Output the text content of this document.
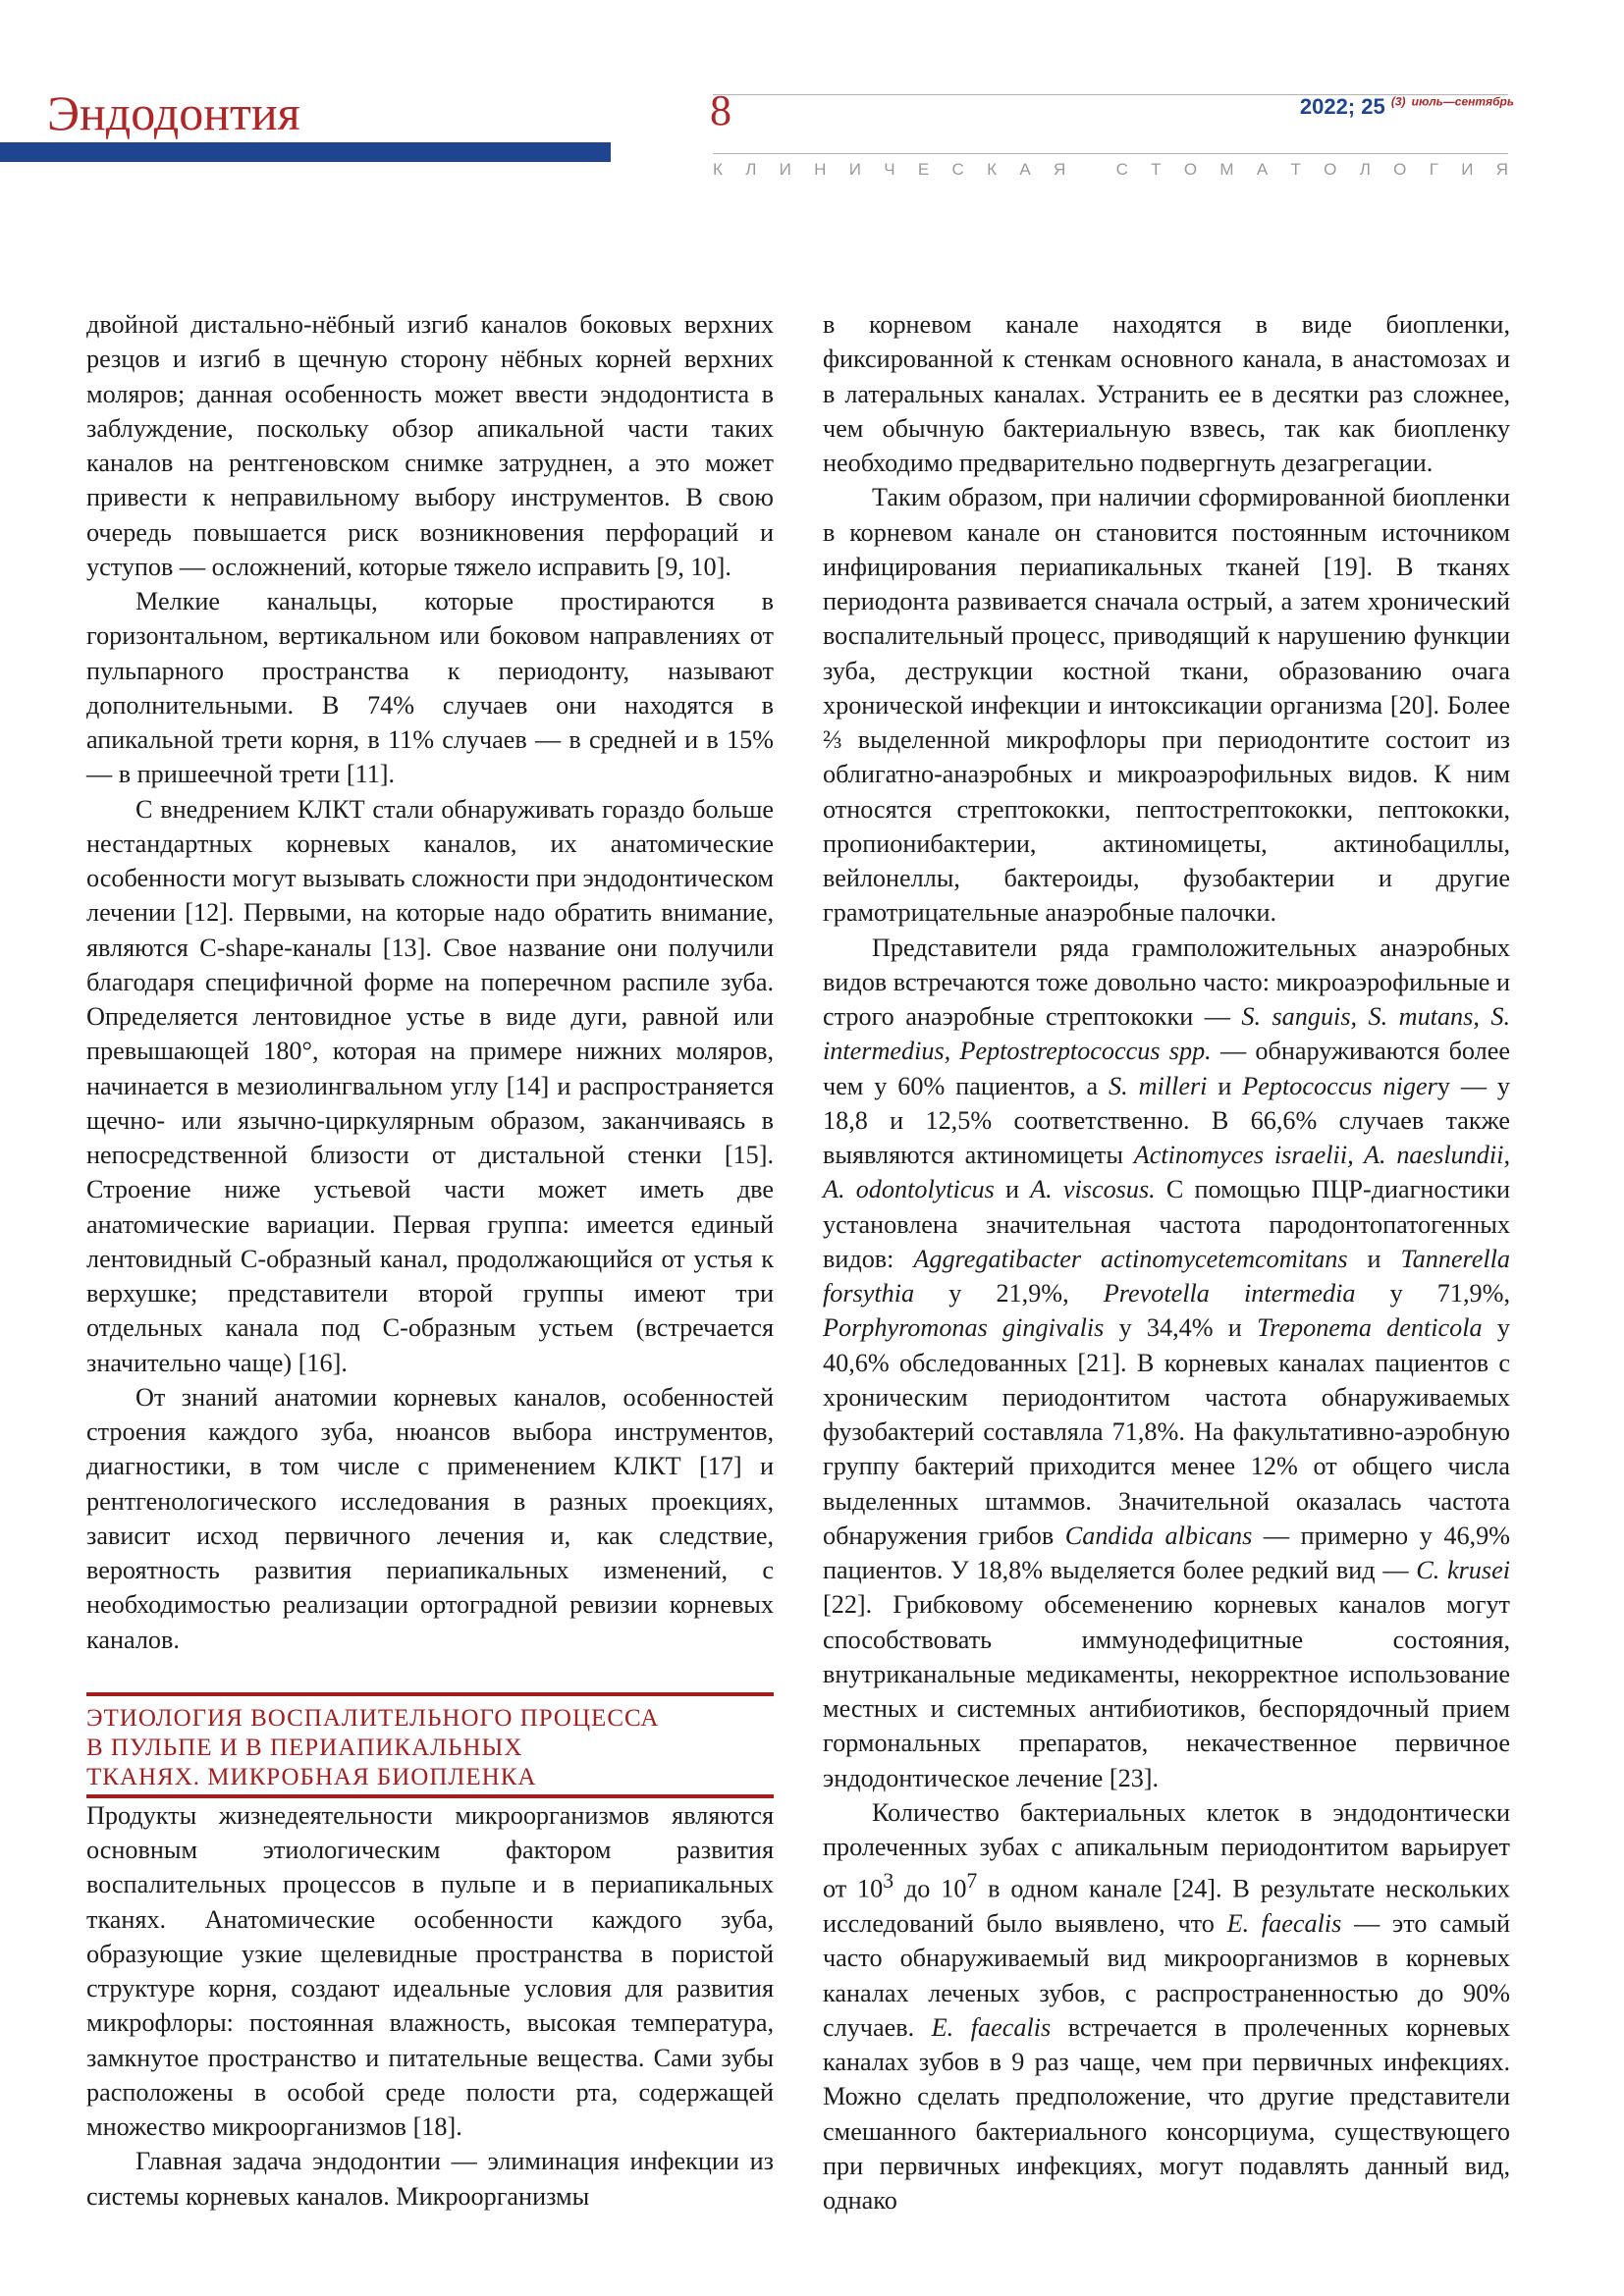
Эндодонтия	8	2022; 25 $^{(3)}$ $^{июль—сентябрь}$
К Л И Н И Ч Е С К А Я
	С Т О М А Т О Л О Г И Я

двойной дистально-нёбный изгиб каналов боковых верхних резцов и изгиб в щечную сторону нёбных корней верхних моляров; данная особенность может ввести эндодонтиста в заблуждение, поскольку обзор апикальной части таких каналов на рентгеновском снимке затруднен, а это может привести к неправильному выбору инструментов. В свою очередь повышается риск возникновения перфораций и уступов — осложнений, которые тяжело исправить [9, 10].

Мелкие канальцы, которые простираются в горизонтальном, вертикальном или боковом направлениях от пульпарного пространства к периодонту, называют дополнительными. В 74% случаев они находятся в апикальной трети корня, в 11% случаев — в средней и в 15% — в пришеечной трети [11].

С внедрением КЛКТ стали обнаруживать гораздо больше нестандартных корневых каналов, их анатомические особенности могут вызывать сложности при эндодонтическом лечении [12]. Первыми, на которые надо обратить внимание, являются C-shape-каналы [13]. Свое название они получили благодаря специфичной форме на поперечном распиле зуба. Определяется лентовидное устье в виде дуги, равной или превышающей 180°, которая на примере нижних моляров, начинается в мезиолингвальном углу [14] и распространяется щечно- или язычно-циркулярным образом, заканчиваясь в непосредственной близости от дистальной стенки [15]. Строение ниже устьевой части может иметь две анатомические вариации. Первая группа: имеется единый лентовидный С-образный канал, продолжающийся от устья к верхушке; представители второй группы имеют три отдельных канала под С-образным устьем (встречается значительно чаще) [16].

От знаний анатомии корневых каналов, особенностей строения каждого зуба, нюансов выбора инструментов, диагностики, в том числе с применением КЛКТ [17] и рентгенологического исследования в разных проекциях, зависит исход первичного лечения и, как следствие, вероятность развития периапикальных изменений, с необходимостью реализации ортоградной ревизии корневых каналов.

ЭТИОЛОГИЯ ВОСПАЛИТЕЛЬНОГО ПРОЦЕССА
В ПУЛЬПЕ И В ПЕРИАПИКАЛЬНЫХ
ТКАНЯХ. МИКРОБНАЯ БИОПЛЕНКА

Продукты жизнедеятельности микроорганизмов являются основным этиологическим фактором развития воспалительных процессов в пульпе и в периапикальных тканях. Анатомические особенности каждого зуба, образующие узкие щелевидные пространства в пористой структуре корня, создают идеальные условия для развития микрофлоры: постоянная влажность, высокая температура, замкнутое пространство и питательные вещества. Сами зубы расположены в особой среде полости рта, содержащей множество микроорганизмов [18].

Главная задача эндодонтии — элиминация инфекции из системы корневых каналов. Микроорганизмы

в корневом канале находятся в виде биопленки, фиксированной к стенкам основного канала, в анастомозах и в латеральных каналах. Устранить ее в десятки раз сложнее, чем обычную бактериальную взвесь, так как биопленку необходимо предварительно подвергнуть дезагрегации.

Таким образом, при наличии сформированной биопленки в корневом канале он становится постоянным источником инфицирования периапикальных тканей [19]. В тканях периодонта развивается сначала острый, а затем хронический воспалительный процесс, приводящий к нарушению функции зуба, деструкции костной ткани, образованию очага хронической инфекции и интоксикации организма [20]. Более ⅔ выделенной микрофлоры при периодонтите состоит из облигатно-анаэробных и микроаэрофильных видов. К ним относятся стрептококки, пептострептококки, пептококки, пропионибактерии, актиномицеты, актинобациллы, вейлонеллы, бактероиды, фузобактерии и другие грамотрицательные анаэробные палочки.

Представители ряда грамположительных анаэробных видов встречаются тоже довольно часто: микроаэрофильные и строго анаэробные стрептококки — S. sanguis, S. mutans, S. intermedius, Peptostreptococcus spp. — обнаруживаются более чем у 60% пациентов, а S. milleri и Peptococcus nigerу — у 18,8 и 12,5% соответственно. В 66,6% случаев также выявляются актиномицеты Actinomyces israelii, A. naeslundii, A. odontolyticus и A. viscosus. С помощью ПЦР-диагностики установлена значительная частота пародонтопатогенных видов: Aggregatibacter actinomycetemcomitans и Tannerella forsythia у 21,9%, Prevotella intermedia у 71,9%, Porphyromonas gingivalis у 34,4% и Treponema denticola у 40,6% обследованных [21]. В корневых каналах пациентов с хроническим периодонтитом частота обнаруживаемых фузобактерий составляла 71,8%. На факультативно-аэробную группу бактерий приходится менее 12% от общего числа выделенных штаммов. Значительной оказалась частота обнаружения грибов Candida albicans — примерно у 46,9% пациентов. У 18,8% выделяется более редкий вид — C. krusei [22]. Грибковому обсеменению корневых каналов могут способствовать иммунодефицитные состояния, внутриканальные медикаменты, некорректное использование местных и системных антибиотиков, беспорядочный прием гормональных препаратов, некачественное первичное эндодонтическое лечение [23].

Количество бактериальных клеток в эндодонтически пролеченных зубах с апикальным периодонтитом варьирует от $10^3$ до $10^7$ в одном канале [24]. В результате нескольких исследований было выявлено, что E. faecalis — это самый часто обнаруживаемый вид микроорганизмов в корневых каналах леченых зубов, с распространенностью до 90% случаев. E. faecalis встречается в пролеченных корневых каналах зубов в 9 раз чаще, чем при первичных инфекциях. Можно сделать предположение, что другие представители смешанного бактериального консорциума, существующего при первичных инфекциях, могут подавлять данный вид, однако
